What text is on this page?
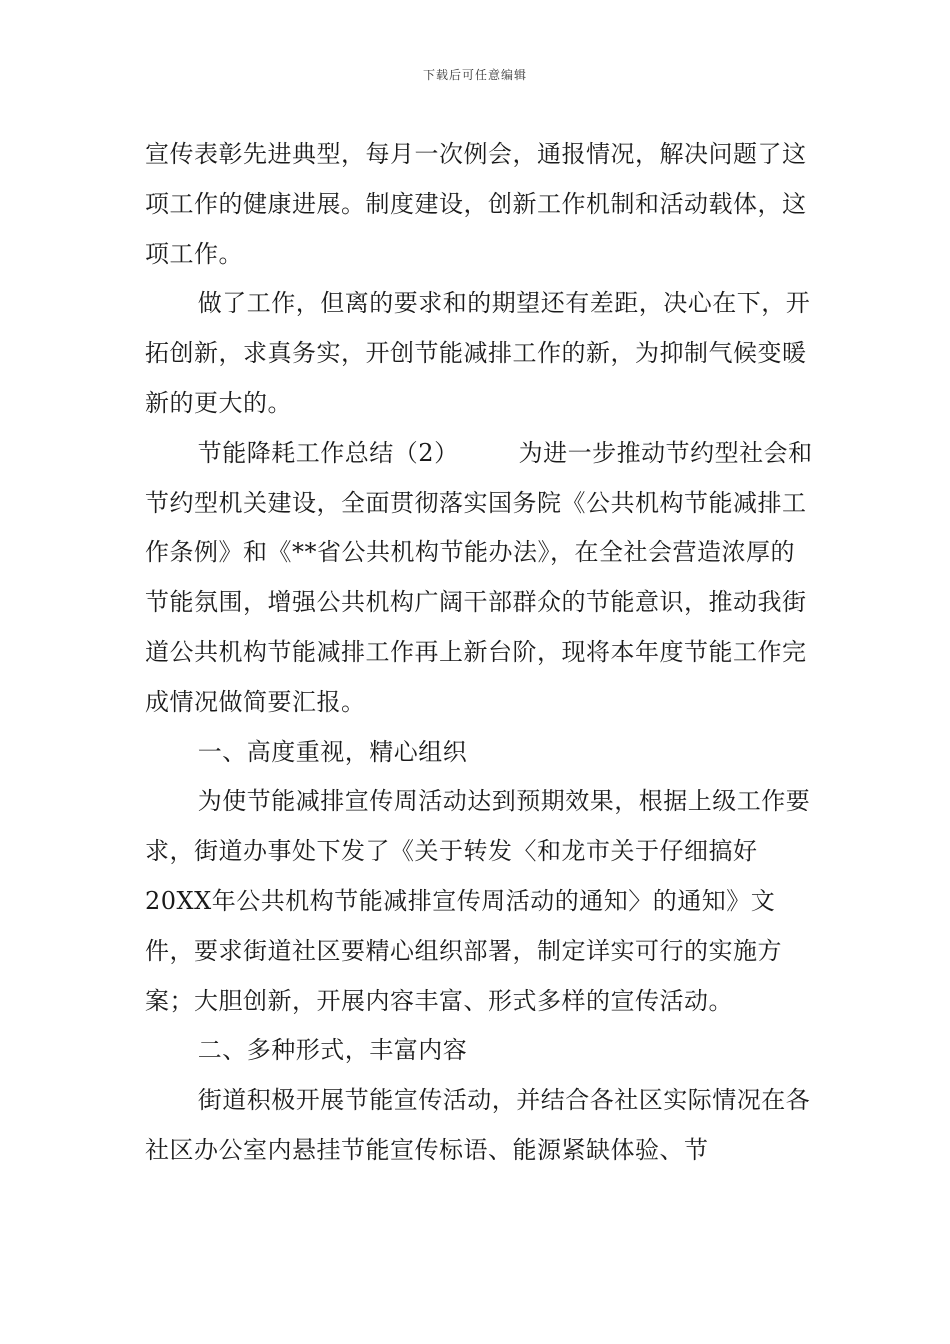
下载后可任意编辑

宣传表彰先进典型，每月一次例会，通报情况，解决问题了这项工作的健康进展。制度建设，创新工作机制和活动载体，这项工作。

做了工作，但离的要求和的期望还有差距，决心在下，开拓创新，求真务实，开创节能减排工作的新，为抑制气候变暖新的更大的。

节能降耗工作总结（2）	为进一步推动节约型社会和节约型机关建设，全面贯彻落实国务院《公共机构节能减排工作条例》和《**省公共机构节能办法》，在全社会营造浓厚的节能氛围，增强公共机构广阔干部群众的节能意识，推动我街道公共机构节能减排工作再上新台阶，现将本年度节能工作完成情况做简要汇报。

一、高度重视，精心组织

为使节能减排宣传周活动达到预期效果，根据上级工作要求，街道办事处下发了《关于转发〈和龙市关于仔细搞好20XX年公共机构节能减排宣传周活动的通知〉的通知》文件，要求街道社区要精心组织部署，制定详实可行的实施方案；大胆创新，开展内容丰富、形式多样的宣传活动。

二、多种形式，丰富内容

街道积极开展节能宣传活动，并结合各社区实际情况在各社区办公室内悬挂节能宣传标语、能源紧缺体验、节
